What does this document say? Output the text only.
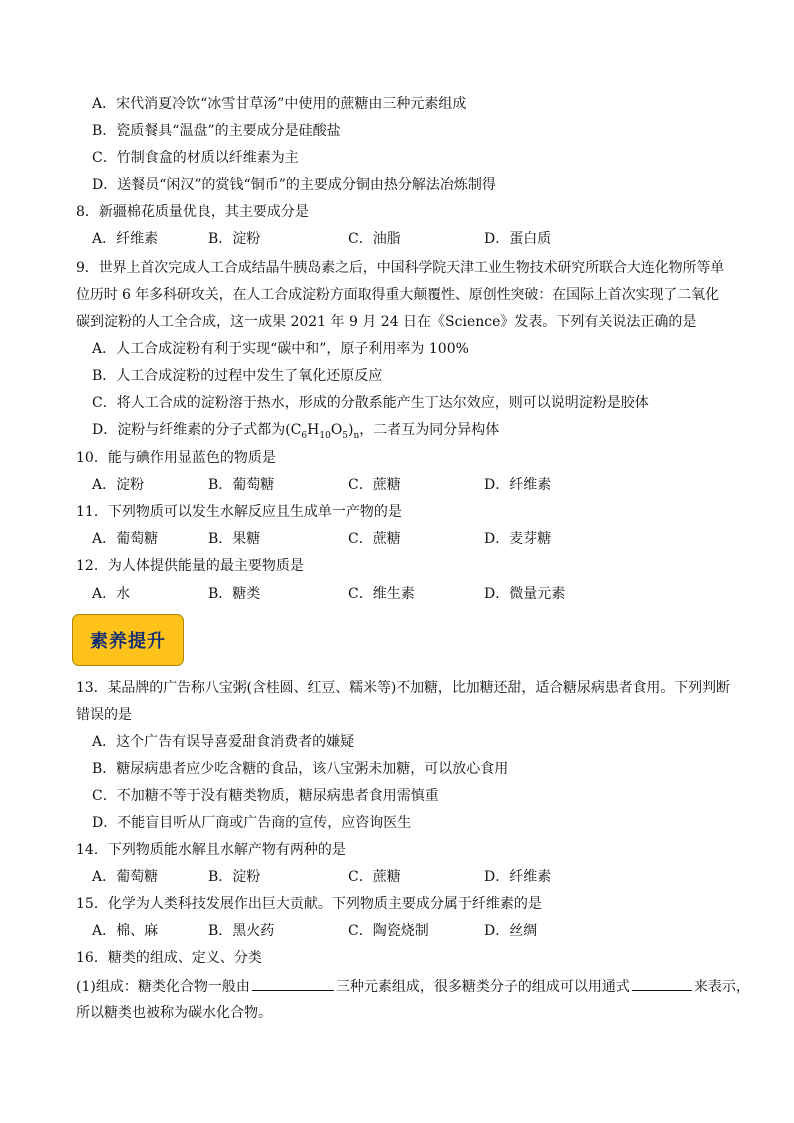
A．宋代消夏冷饮“冰雪甘草汤”中使用的蔗糖由三种元素组成
B．瓷质餐具“温盘”的主要成分是硅酸盐
C．竹制食盒的材质以纤维素为主
D．送餐员“闲汉”的赏钱“铜币”的主要成分铜由热分解法冶炼制得
8．新疆棉花质量优良，其主要成分是
A．纤维素	B．淀粉	C．油脂	D．蛋白质
9．世界上首次完成人工合成结晶牛胰岛素之后，中国科学院天津工业生物技术研究所联合大连化物所等单
位历时 6 年多科研攻关，在人工合成淀粉方面取得重大颠覆性、原创性突破：在国际上首次实现了二氧化
碳到淀粉的人工全合成，这一成果 2021 年 9 月 24 日在《Science》发表。下列有关说法正确的是
A．人工合成淀粉有利于实现“碳中和”，原子利用率为 100%
B．人工合成淀粉的过程中发生了氧化还原反应
C．将人工合成的淀粉溶于热水，形成的分散系能产生丁达尔效应，则可以说明淀粉是胶体
D．淀粉与纤维素的分子式都为$(C_6H_{10}O_5)_n$，二者互为同分异构体
10．能与碘作用显蓝色的物质是
A．淀粉	B．葡萄糖	C．蔗糖	D．纤维素
11．下列物质可以发生水解反应且生成单一产物的是
A．葡萄糖	B．果糖	C．蔗糖	D．麦芽糖
12．为人体提供能量的最主要物质是
A．水	B．糖类	C．维生素	D．微量元素
素养提升
13．某品牌的广告称八宝粥(含桂圆、红豆、糯米等)不加糖，比加糖还甜，适合糖尿病患者食用。下列判断
错误的是
A．这个广告有误导喜爱甜食消费者的嫌疑
B．糖尿病患者应少吃含糖的食品，该八宝粥未加糖，可以放心食用
C．不加糖不等于没有糖类物质，糖尿病患者食用需慎重
D．不能盲目听从厂商或广告商的宣传，应咨询医生
14．下列物质能水解且水解产物有两种的是
A．葡萄糖	B．淀粉	C．蔗糖	D．纤维素
15．化学为人类科技发展作出巨大贡献。下列物质主要成分属于纤维素的是
A．棉、麻	B．黑火药	C．陶瓷烧制	D．丝绸
16．糖类的组成、定义、分类
(1)组成：糖类化合物一般由	三种元素组成，很多糖类分子的组成可以用通式	来表示，
所以糖类也被称为碳水化合物。
